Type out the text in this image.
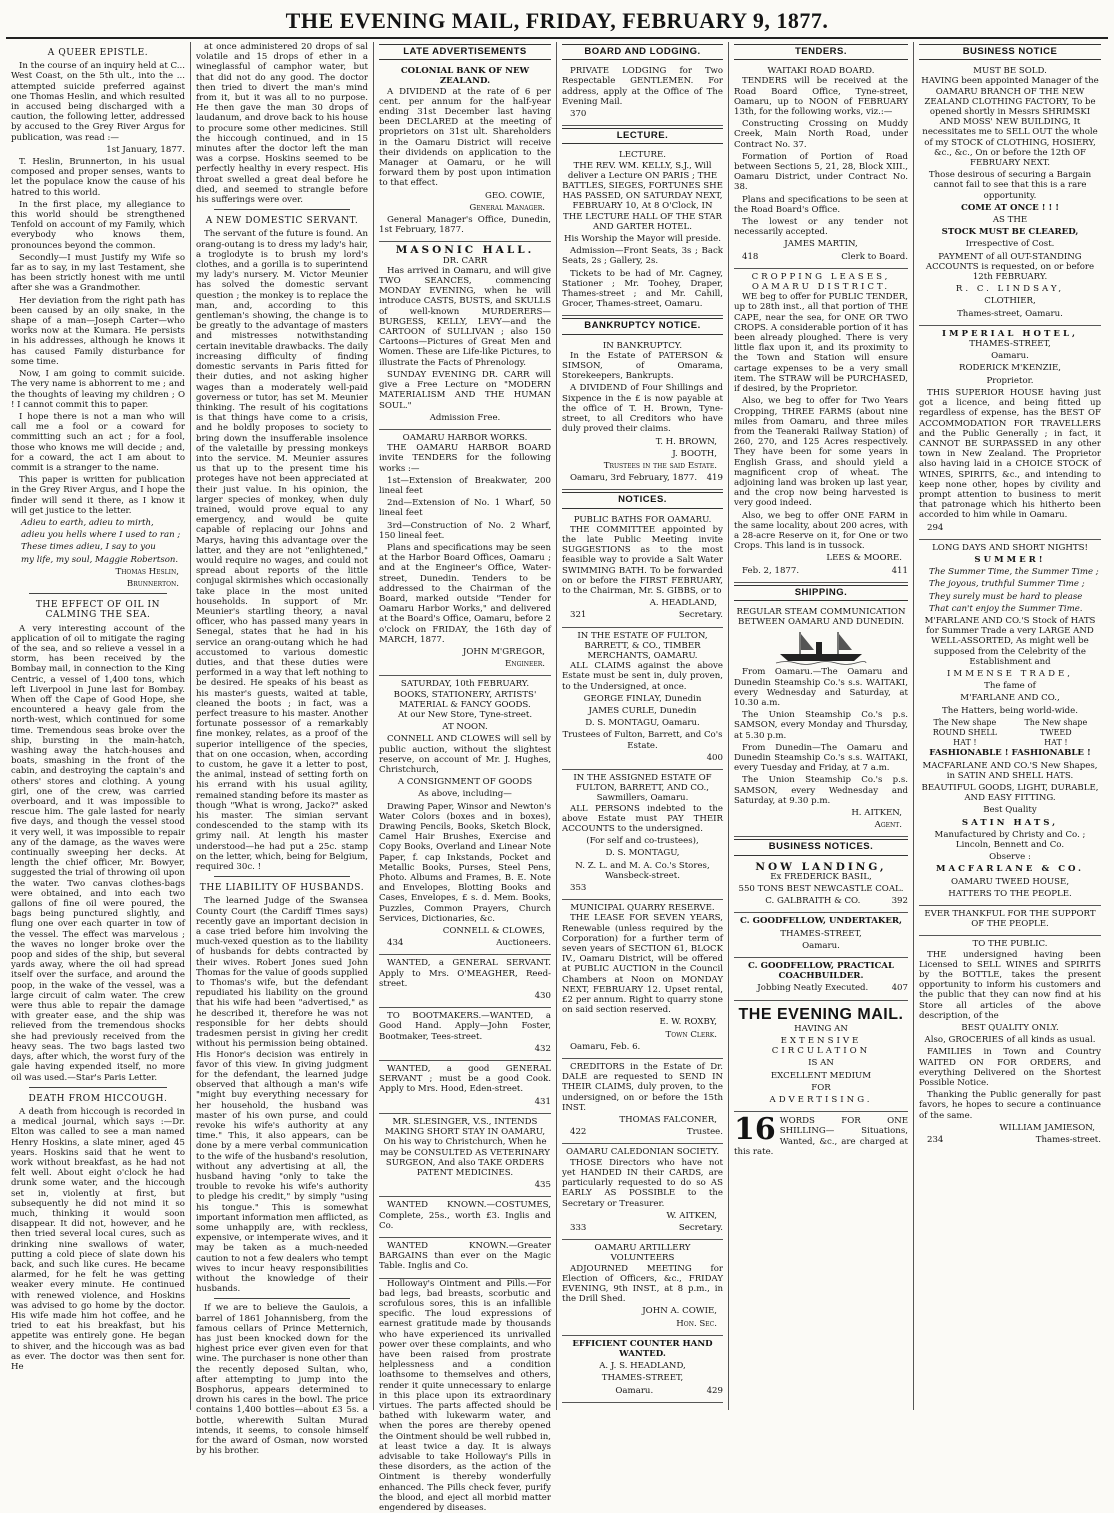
THE EVENING MAIL, FRIDAY, FEBRUARY 9, 1877.
A QUEER EPISTLE.

In the course of an inquiry held at C... West Coast, on the 5th ult., into the ... attempted suicide preferred against one Thomas Heslin, and which resulted in accused being discharged with a caution, the following letter, addressed by accused to the Grey River Argus for publication, was read :—

1st January, 1877.

T. Heslin, Brunnerton, in his usual composed and proper senses, wants to let the populace know the cause of his hatred to this world.

In the first place, my allegiance to this world should be strengthened Tenfold on account of my Family, which everybody who knows them, pronounces beyond the common.

Secondly—I must Justify my Wife so far as to say, in my last Testament, she has been strictly honest with me until after she was a Grandmother.

Her deviation from the right path has been caused by an oily snake, in the shape of a man—Joseph Carter—who works now at the Kumara. He persists in his addresses, although he knows it has caused Family disturbance for some time.

Now, I am going to commit suicide. The very name is abhorrent to me ; and the thoughts of leaving my children ; O ! I cannot commit this to paper.

I hope there is not a man who will call me a fool or a coward for committing such an act ; for a fool, those who knows me will decide ; and, for a coward, the act I am about to commit is a stranger to the name.

This paper is written for publication in the Grey River Argus, and I hope the finder will send it there, as I know it will get justice to the letter.

Adieu to earth, adieu to mirth,

adieu you hells where I used to ran ;

These times adieu, I say to you

my life, my soul, Maggie Robertson.

Thomas Heslin,

Brunnerton.

THE EFFECT OF OIL IN CALMING THE SEA.

A very interesting account of the application of oil to mitigate the raging of the sea, and so relieve a vessel in a storm, has been received by the Bombay mail, in connection to the King Centric, a vessel of 1,400 tons, which left Liverpool in June last for Bombay. When off the Cape of Good Hope, she encountered a heavy gale from the north-west, which continued for some time. Tremendous seas broke over the ship, bursting in the main-hatch, washing away the hatch-houses and boats, smashing in the front of the cabin, and destroying the captain's and others' stores and clothing. A young girl, one of the crew, was carried overboard, and it was impossible to rescue him. The gale lasted for nearly five days, and though the vessel stood it very well, it was impossible to repair any of the damage, as the waves were continually sweeping her decks. At length the chief officer, Mr. Bowyer, suggested the trial of throwing oil upon the water. Two canvas clothes-bags were obtained, and into each two gallons of fine oil were poured, the bags being punctured slightly, and flung one over each quarter in tow of the vessel. The effect was marvelous ; the waves no longer broke over the poop and sides of the ship, but several yards away, where the oil had spread itself over the surface, and around the poop, in the wake of the vessel, was a large circuit of calm water. The crew were thus able to repair the damage with greater ease, and the ship was relieved from the tremendous shocks she had previously received from the heavy seas. The two bags lasted two days, after which, the worst fury of the gale having expended itself, no more oil was used.—Star's Paris Letter.

DEATH FROM HICCOUGH.

A death from hiccough is recorded in a medical journal, which says :—Dr. Elton was called to see a man named Henry Hoskins, a slate miner, aged 45 years. Hoskins said that he went to work without breakfast, as he had not felt well. About eight o'clock he had drunk some water, and the hiccough set in, violently at first, but subsequently he did not mind it so much, thinking it would soon disappear. It did not, however, and he then tried several local cures, such as drinking nine swallows of water, putting a cold piece of slate down his back, and such like cures. He became alarmed, for he felt he was getting weaker every minute. He continued with renewed violence, and Hoskins was advised to go home by the doctor. His wife made him hot coffee, and he tried to eat his breakfast, but his appetite was entirely gone. He began to shiver, and the hiccough was as bad as ever. The doctor was then sent for. He

at once administered 20 drops of sal volatile and 15 drops of ether in a wineglassful of camphor water, but that did not do any good. The doctor then tried to divert the man's mind from it, but it was all to no purpose. He then gave the man 30 drops of laudanum, and drove back to his house to procure some other medicines. Still the hiccough continued, and in 15 minutes after the doctor left the man was a corpse. Hoskins seemed to be perfectly healthy in every respect. His throat swelled a great deal before he died, and seemed to strangle before his sufferings were over.

A NEW DOMESTIC SERVANT.

The servant of the future is found. An orang-outang is to dress my lady's hair, a troglodyte is to brush my lord's clothes, and a gorilla is to superintend my lady's nursery. M. Victor Meunier has solved the domestic servant question ; the monkey is to replace the man, and, according to this gentleman's showing, the change is to be greatly to the advantage of masters and mistresses notwithstanding certain inevitable drawbacks. The daily increasing difficulty of finding domestic servants in Paris fitted for their duties, and not asking higher wages than a moderately well-paid governess or tutor, has set M. Meunier thinking. The result of his cogitations is that things have come to a crisis, and he boldly proposes to society to bring down the insufferable insolence of the valetaille by pressing monkeys into the service. M. Meunier assures us that up to the present time his proteges have not been appreciated at their just value. In his opinion, the larger species of monkey, when duly trained, would prove equal to any emergency, and would be quite capable of replacing our Johns and Marys, having this advantage over the latter, and they are not "enlightened," would require no wages, and could not spread about reports of the little conjugal skirmishes which occasionally take place in the most united households. In support of Mr. Meunier's startling theory, a naval officer, who has passed many years in Senegal, states that he had in his service an orang-outang which he had accustomed to various domestic duties, and that these duties were performed in a way that left nothing to be desired. He speaks of his beast as his master's guests, waited at table, cleaned the boots ; in fact, was a perfect treasure to his master. Another fortunate possessor of a remarkably fine monkey, relates, as a proof of the superior intelligence of the species, that on one occasion, when, according to custom, he gave it a letter to post, the animal, instead of setting forth on his errand with his usual agility, remained standing before its master as though "What is wrong, Jacko?" asked his master. The simian servant condescended to the stamp with its grimy nail. At length his master understood—he had put a 25c. stamp on the letter, which, being for Belgium, required 30c. !

THE LIABILITY OF HUSBANDS.

The learned Judge of the Swansea County Court (the Cardiff Times says) recently gave an important decision in a case tried before him involving the much-vexed question as to the liability of husbands for debts contracted by their wives. Robert Jones sued John Thomas for the value of goods supplied to Thomas's wife, but the defendant repudiated his liability on the ground that his wife had been "advertised," as he described it, therefore he was not responsible for her debts should tradesmen persist in giving her credit without his permission being obtained. His Honor's decision was entirely in favor of this view. In giving judgment for the defendant, the learned judge observed that although a man's wife "might buy everything necessary for her household, the husband was master of his own purse, and could revoke his wife's authority at any time." This, it also appears, can be done by a mere verbal communication to the wife of the husband's resolution, without any advertising at all, the husband having "only to take the trouble to revoke his wife's authority to pledge his credit," by simply "using his tongue." This is somewhat important information men afflicted, as some unhappily are, with reckless, expensive, or intemperate wives, and it may be taken as a much-needed caution to not a few dealers who tempt wives to incur heavy responsibilities without the knowledge of their husbands.

If we are to believe the Gaulois, a barrel of 1861 Johannisberg, from the famous cellars of Prince Metternich, has just been knocked down for the highest price ever given even for that wine. The purchaser is none other than the recently deposed Sultan, who, after attempting to jump into the Bosphorus, appears determined to drown his cares in the bowl. The price contains 1,400 bottles—about £3 5s. a bottle, wherewith Sultan Murad intends, it seems, to console himself for the award of Osman, now worsted by his brother.

LATE ADVERTISEMENTS
COLONIAL BANK OF NEW ZEALAND.

A DIVIDEND at the rate of 6 per cent. per annum for the half-year ending 31st December last having been DECLARED at the meeting of proprietors on 31st ult. Shareholders in the Oamaru District will receive their dividends on application to the Manager at Oamaru, or he will forward them by post upon intimation to that effect.

GEO. COWIE,

General Manager.

General Manager's Office, Dunedin, 1st February, 1877.

MASONIC HALL.
DR. CARR

Has arrived in Oamaru, and will give TWO SEANCES, commencing MONDAY EVENING, when he will introduce CASTS, BUSTS, and SKULLS of well-known MURDERERS—BURGESS, KELLY, LEVY—and the CARTOON of SULLIVAN ; also 150 Cartoons—Pictures of Great Men and Women. These are Life-like Pictures, to illustrate the Facts of Phrenology.

SUNDAY EVENING DR. CARR will give a Free Lecture on "MODERN MATERIALISM AND THE HUMAN SOUL."

Admission Free.

OAMARU HARBOR WORKS.

THE OAMARU HARBOR BOARD invite TENDERS for the following works :—

1st—Extension of Breakwater, 200 lineal feet

2nd—Extension of No. 1 Wharf, 50 lineal feet

3rd—Construction of No. 2 Wharf, 150 lineal feet.

Plans and specifications may be seen at the Harbor Board Offices, Oamaru ; and at the Engineer's Office, Water-street, Dunedin. Tenders to be addressed to the Chairman of the Board, marked outside "Tender for Oamaru Harbor Works," and delivered at the Board's Office, Oamaru, before 2 o'clock on FRIDAY, the 16th day of MARCH, 1877.

JOHN M'GREGOR,

Engineer.

SATURDAY, 10th FEBRUARY.
BOOKS, STATIONERY, ARTISTS' MATERIAL & FANCY GOODS.

At our New Store, Tyne-street.

AT NOON.

CONNELL AND CLOWES will sell by public auction, without the slightest reserve, on account of Mr. J. Hughes, Christchurch,

A CONSIGNMENT OF GOODS

As above, including—

Drawing Paper, Winsor and Newton's Water Colors (boxes and in boxes), Drawing Pencils, Books, Sketch Block, Camel Hair Brushes, Exercise and Copy Books, Overland and Linear Note Paper, f. cap Inkstands, Pocket and Metallic Books, Purses, Steel Pens, Photo. Albums and Frames, B. E. Note and Envelopes, Blotting Books and Cases, Envelopes, £ s. d. Mem. Books, Puzzles, Common Prayers, Church Services, Dictionaries, &c.

CONNELL & CLOWES,

434	Auctioneers.

WANTED, a GENERAL SERVANT. Apply to Mrs. O'MEAGHER, Reed-street.

430

TO BOOTMAKERS.—WANTED, a Good Hand. Apply—John Foster, Bootmaker, Tees-street.

432

WANTED, a good GENERAL SERVANT ; must be a good Cook. Apply to Mrs. Hood, Eden-street.

431

MR. SLESINGER, V.S., INTENDS MAKING SHORT STAY IN OAMARU, On his way to Christchurch, When he may be CONSULTED AS VETERINARY SURGEON, And also TAKE ORDERS PATENT MEDICINES.

435

WANTED KNOWN.—COSTUMES, Complete, 25s., worth £3. Inglis and Co.

WANTED KNOWN.—Greater BARGAINS than ever on the Magic Table. Inglis and Co.

Holloway's Ointment and Pills.—For bad legs, bad breasts, scorbutic and scrofulous sores, this is an infallible specific. The loud expressions of earnest gratitude made by thousands who have experienced its unrivalled power over these complaints, and who have been raised from prostrate helplessness and a condition loathsome to themselves and others, render it quite unnecessary to enlarge in this place upon its extraordinary virtues. The parts affected should be bathed with lukewarm water, and when the pores are thereby opened the Ointment should be well rubbed in, at least twice a day. It is always advisable to take Holloway's Pills in these disorders, as the action of the Ointment is thereby wonderfully enhanced. The Pills check fever, purify the blood, and eject all morbid matter engendered by diseases.

BOARD AND LODGING.

PRIVATE LODGING for Two Respectable GENTLEMEN. For address, apply at the Office of The Evening Mail.

370

LECTURE.
LECTURE.

THE REV. WM. KELLY, S.J., Will deliver a Lecture ON PARIS ; THE BATTLES, SIEGES, FORTUNES SHE HAS PASSED, ON SATURDAY NEXT, FEBRUARY 10, At 8 O'Clock, IN THE LECTURE HALL OF THE STAR AND GARTER HOTEL.

His Worship the Mayor will preside.

Admission—Front Seats, 3s ; Back Seats, 2s ; Gallery, 2s.

Tickets to be had of Mr. Cagney, Stationer ; Mr. Toohey, Draper, Thames-street ; and Mr. Cahill, Grocer, Thames-street, Oamaru.

BANKRUPTCY NOTICE.
IN BANKRUPTCY.

In the Estate of PATERSON & SIMSON, of Omarama, Storekeepers, Bankrupts.

A DIVIDEND of Four Shillings and Sixpence in the £ is now payable at the office of T. H. Brown, Tyne-street, to all Creditors who have duly proved their claims.

T. H. BROWN,

J. BOOTH,

Trustees in the said Estate.

Oamaru, 3rd February, 1877.	419

NOTICES.
PUBLIC BATHS FOR OAMARU.

THE COMMITTEE appointed by the late Public Meeting invite SUGGESTIONS as to the most feasible way to provide a Salt Water SWIMMING BATH. To be forwarded on or before the FIRST FEBRUARY, to the Chairman, Mr. S. GIBBS, or to

A. HEADLAND,

321	Secretary.

IN THE ESTATE OF FULTON, BARRETT, & CO., TIMBER MERCHANTS, OAMARU.

ALL CLAIMS against the above Estate must be sent in, duly proven, to the Undersigned, at once.

GEORGE FINLAY, Dunedin

JAMES CURLE, Dunedin

D. S. MONTAGU, Oamaru.

Trustees of Fulton, Barrett, and Co's Estate.

400

IN THE ASSIGNED ESTATE OF FULTON, BARRETT, AND CO., Sawmillers, Oamaru.

ALL PERSONS indebted to the above Estate must PAY THEIR ACCOUNTS to the undersigned.

(For self and co-trustees),

D. S. MONTAGU,

N. Z. L. and M. A. Co.'s Stores, Wansbeck-street.

353

MUNICIPAL QUARRY RESERVE.

THE LEASE FOR SEVEN YEARS, Renewable (unless required by the Corporation) for a further term of seven years of SECTION 61, BLOCK IV., Oamaru District, will be offered at PUBLIC AUCTION in the Council Chambers at Noon on MONDAY NEXT, FEBRUARY 12. Upset rental, £2 per annum. Right to quarry stone on said section reserved.

E. W. ROXBY,

Town Clerk.

Oamaru, Feb. 6.

CREDITORS in the Estate of Dr. DALE are requested to SEND IN THEIR CLAIMS, duly proven, to the undersigned, on or before the 15th INST.

THOMAS FALCONER,

422	Trustee.

OAMARU CALEDONIAN SOCIETY.

THOSE Directors who have not yet HANDED IN their CARDS, are particularly requested to do so AS EARLY AS POSSIBLE to the Secretary or Treasurer.

W. AITKEN,

333	Secretary.

OAMARU ARTILLERY VOLUNTEERS

ADJOURNED MEETING for Election of Officers, &c., FRIDAY EVENING, 9th INST., at 8 p.m., in the Drill Shed.

JOHN A. COWIE,

Hon. Sec.

EFFICIENT COUNTER HAND WANTED.

A. J. S. HEADLAND,

THAMES-STREET,

Oamaru.	429

TENDERS.
WAITAKI ROAD BOARD.

TENDERS will be received at the Road Board Office, Tyne-street, Oamaru, up to NOON of FEBRUARY 13th, for the following works, viz.:—

Constructing Crossing on Muddy Creek, Main North Road, under Contract No. 37.

Formation of Portion of Road between Sections 5, 21, 28, Block XIII., Oamaru District, under Contract No. 38.

Plans and specifications to be seen at the Road Board's Office.

The lowest or any tender not necessarily accepted.

JAMES MARTIN,

418	Clerk to Board.

CROPPING LEASES, OAMARU DISTRICT.

WE beg to offer for PUBLIC TENDER, up to 28th inst., all that portion of THE CAPE, near the sea, for ONE OR TWO CROPS. A considerable portion of it has been already ploughed. There is very little flax upon it, and its proximity to the Town and Station will ensure cartage expenses to be a very small item. The STRAW will be PURCHASED, if desired, by the Proprietor.

Also, we beg to offer for Two Years Cropping, THREE FARMS (about nine miles from Oamaru, and three miles from the Teaneraki Railway Station) of 260, 270, and 125 Acres respectively. They have been for some years in English Grass, and should yield a magnificent crop of wheat. The adjoining land was broken up last year, and the crop now being harvested is very good indeed.

Also, we beg to offer ONE FARM in the same locality, about 200 acres, with a 28-acre Reserve on it, for One or two Crops. This land is in tussock.

LEES & MOORE.

Feb. 2, 1877.	411

SHIPPING.

REGULAR STEAM COMMUNICATION BETWEEN OAMARU AND DUNEDIN.

From Oamaru.—The Oamaru and Dunedin Steamship Co.'s s.s. WAITAKI, every Wednesday and Saturday, at 10.30 a.m.

The Union Steamship Co.'s p.s. SAMSON, every Monday and Thursday, at 5.30 p.m.

From Dunedin—The Oamaru and Dunedin Steamship Co.'s s.s. WAITAKI, every Tuesday and Friday, at 7 a.m.

The Union Steamship Co.'s p.s. SAMSON, every Wednesday and Saturday, at 9.30 p.m.

H. AITKEN,

Agent.

BUSINESS NOTICES.
NOW LANDING,

Ex FREDERICK BASIL,

550 TONS BEST NEWCASTLE COAL.

C. GALBRAITH & CO.	392

C. GOODFELLOW, UNDERTAKER,

THAMES-STREET,

Oamaru.

C. GOODFELLOW, PRACTICAL COACHBUILDER.

Jobbing Neatly Executed.	407

THE EVENING MAIL.

HAVING AN

EXTENSIVE CIRCULATION

IS AN

EXCELLENT MEDIUM

FOR

ADVERTISING.

16 WORDS FOR ONE SHILLING— Situations, Wanted, &c., are charged at this rate.

BUSINESS NOTICE
MUST BE SOLD.

HAVING been appointed Manager of the OAMARU BRANCH OF THE NEW ZEALAND CLOTHING FACTORY, To be opened shortly in Messrs SHRIMSKI AND MOSS' NEW BUILDING, It necessitates me to SELL OUT the whole of my STOCK of CLOTHING, HOSIERY, &c., &c., On or before the 12th OF FEBRUARY NEXT.

Those desirous of securing a Bargain cannot fail to see that this is a rare opportunity.

COME AT ONCE ! ! !

AS THE

STOCK MUST BE CLEARED,

Irrespective of Cost.

PAYMENT of all OUT-STANDING ACCOUNTS is requested, on or before 12th FEBRUARY.

R. C. LINDSAY,

CLOTHIER,

Thames-street, Oamaru.

IMPERIAL HOTEL,

THAMES-STREET,

Oamaru.

RODERICK M'KENZIE,

Proprietor.

THIS SUPERIOR HOUSE having just got a licence, and being fitted up regardless of expense, has the BEST OF ACCOMMODATION FOR TRAVELLERS and the Public Generally ; in fact, it CANNOT BE SURPASSED in any other town in New Zealand. The Proprietor also having laid in a CHOICE STOCK of WINES, SPIRITS, &c., and intending to keep none other, hopes by civility and prompt attention to business to merit that patronage which his hitherto been accorded to him while in Oamaru.

294

LONG DAYS AND SHORT NIGHTS!

SUMMER!

The Summer Time, the Summer Time ;

The joyous, truthful Summer Time ;

They surely must be hard to please

That can't enjoy the Summer Time.

M'FARLANE AND CO.'S Stock of HATS for Summer Trade a very LARGE AND WELL-ASSORTED, As might well be supposed from the Celebrity of the Establishment and

IMMENSE TRADE,

The fame of

M'FARLANE AND CO.,

The Hatters, being world-wide.

The New shape
ROUND SHELL
HAT !
The New shape
TWEED
HAT !

FASHIONABLE ! FASHIONABLE !

MACFARLANE AND CO.'S New Shapes, in SATIN AND SHELL HATS.

BEAUTIFUL GOODS, LIGHT, DURABLE, AND EASY FITTING.

Best Quality

SATIN HATS,

Manufactured by Christy and Co. ; Lincoln, Bennett and Co.

Observe :

MACFARLANE & CO.

OAMARU TWEED HOUSE,

HATTERS TO THE PEOPLE.

EVER THANKFUL FOR THE SUPPORT OF THE PEOPLE.

TO THE PUBLIC.

THE undersigned having been Licensed to SELL WINES and SPIRITS by the BOTTLE, takes the present opportunity to inform his customers and the public that they can now find at his Store all articles of the above description, of the

BEST QUALITY ONLY.

Also, GROCERIES of all kinds as usual.

FAMILIES in Town and Country WAITED ON FOR ORDERS, and everything Delivered on the Shortest Possible Notice.

Thanking the Public generally for past favors, he hopes to secure a continuance of the same.

WILLIAM JAMIESON,

234	Thames-street.
